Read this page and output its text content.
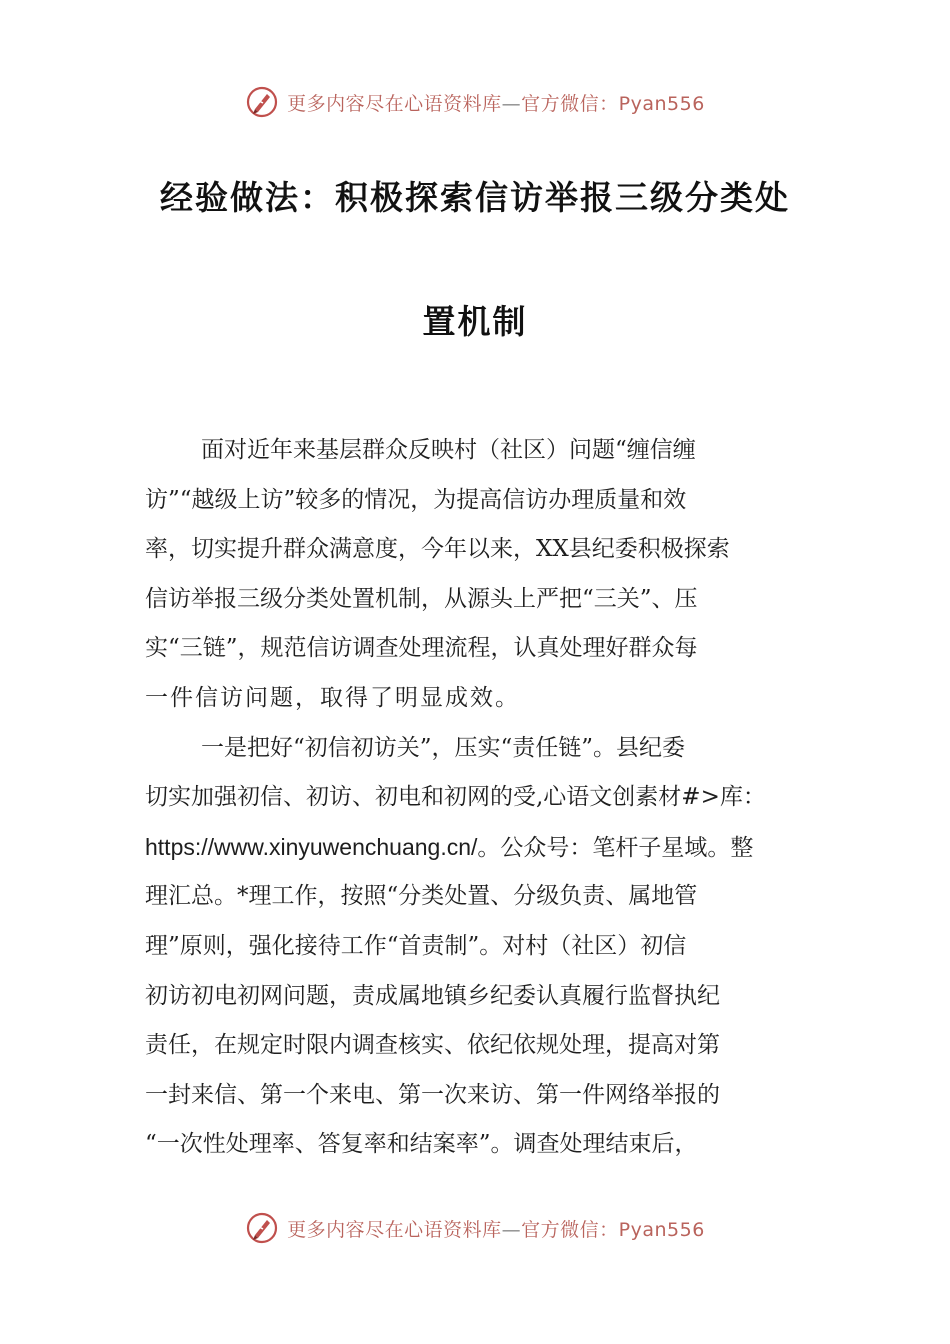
更多内容尽在心语资料库—官方微信：Pyan556
经验做法：积极探索信访举报三级分类处
置机制
面对近年来基层群众反映村（社区）问题“缠信缠
访”“越级上访”较多的情况，为提高信访办理质量和效
率，切实提升群众满意度，今年以来，XX县纪委积极探索
信访举报三级分类处置机制，从源头上严把“三关”、压
实“三链”，规范信访调查处理流程，认真处理好群众每
一件信访问题，取得了明显成效。
一是把好“初信初访关”，压实“责任链”。县纪委
切实加强初信、初访、初电和初网的受,心语文创素材#>库：
https://www.xinyuwenchuang.cn/。公众号：笔杆子星域。整
理汇总。*理工作，按照“分类处置、分级负责、属地管
理”原则，强化接待工作“首责制”。对村（社区）初信
初访初电初网问题，责成属地镇乡纪委认真履行监督执纪
责任，在规定时限内调查核实、依纪依规处理，提高对第
一封来信、第一个来电、第一次来访、第一件网络举报的
“一次性处理率、答复率和结案率”。调查处理结束后，
更多内容尽在心语资料库—官方微信：Pyan556
